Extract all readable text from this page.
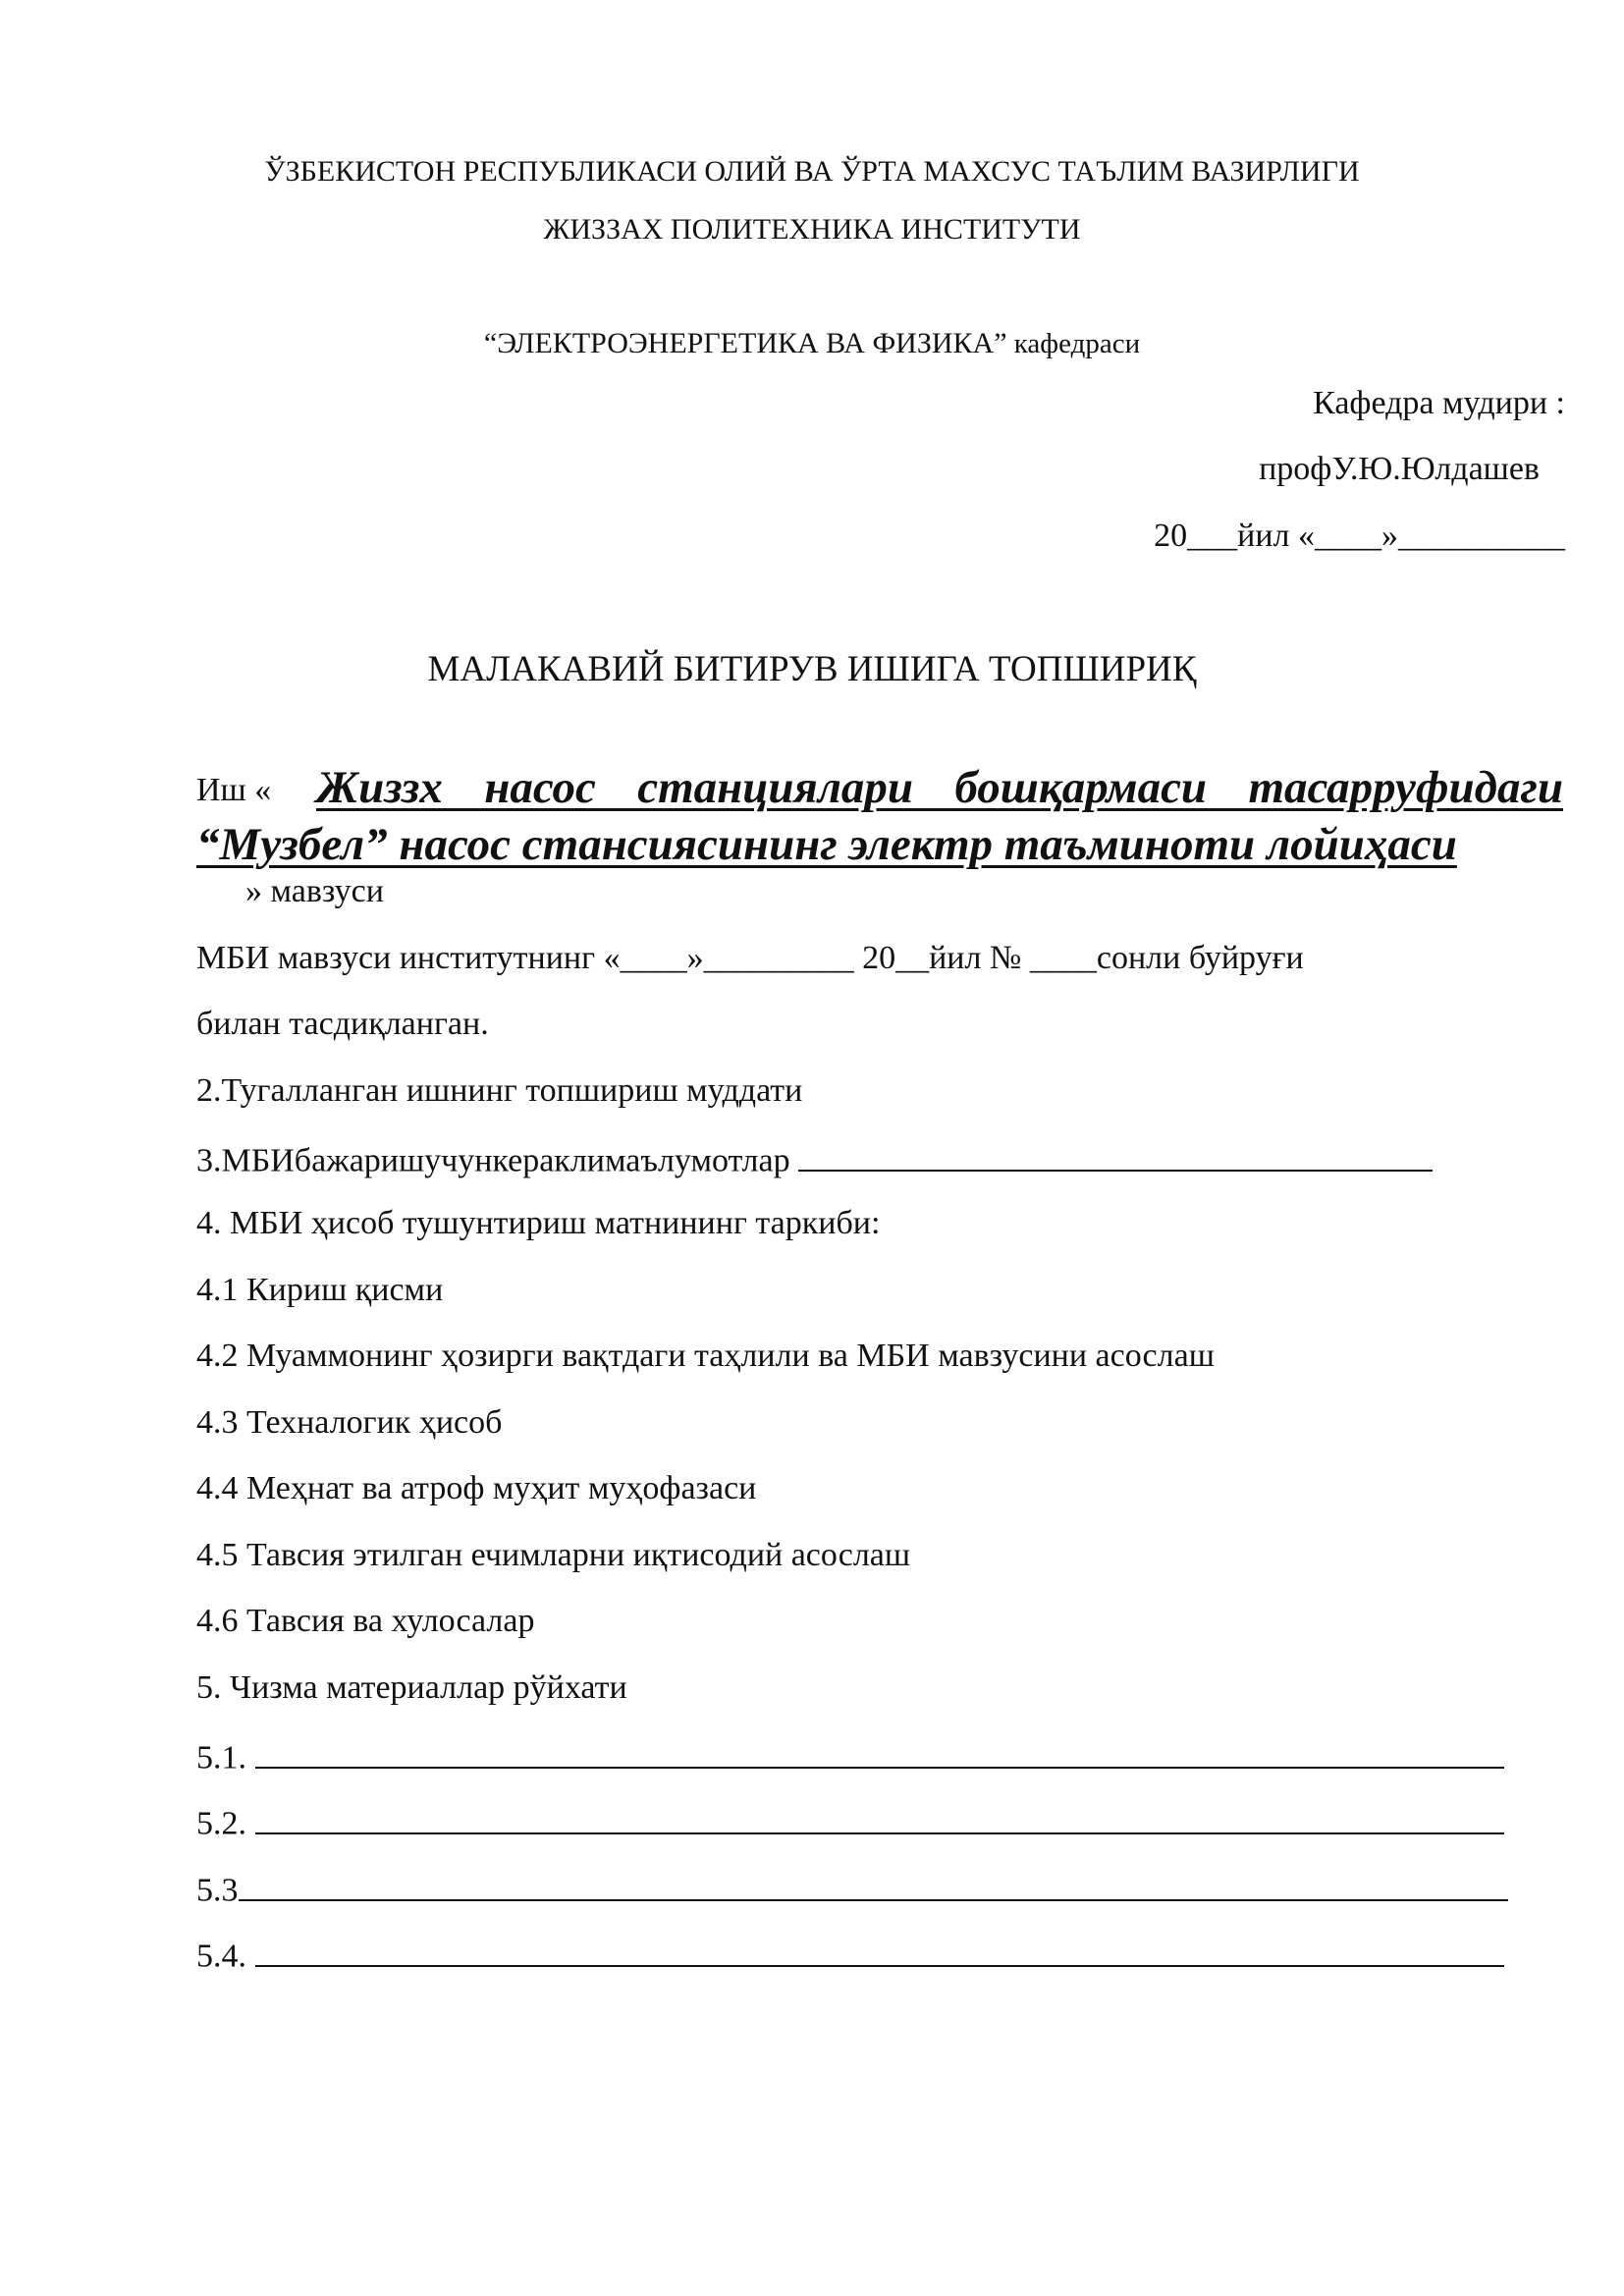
ЎЗБЕКИСТОН РЕСПУБЛИКАСИ ОЛИЙ ВА ЎРТА МАХСУС ТАЪЛИМ ВАЗИРЛИГИ
ЖИЗЗАХ ПОЛИТЕХНИКА ИНСТИТУТИ
“ЭЛЕКТРОЭНЕРГЕТИКА ВА ФИЗИКА” кафедраси
Кафедра мудири :
профУ.Ю.Юлдашев
20___йил «____»__________
МАЛАКАВИЙ БИТИРУВ ИШИГА ТОПШИРИҚ
Иш « Жиззх насос станциялари бошқармаси тасарруфидаги
“Музбел” насос стансиясининг электр таъминоти лойиҳаси
» мавзуси
МБИ мавзуси институтнинг «____»_________ 20__йил № ____сонли буйруғи
билан тасдиқланган.
2.Тугалланган ишнинг топшириш муддати
3.МБИбажаришучункераклимаълумотлар
4. МБИ ҳисоб тушунтириш матнининг таркиби:
4.1 Кириш қисми
4.2 Муаммонинг ҳозирги вақтдаги таҳлили ва МБИ мавзусини асослаш
4.3 Техналогик ҳисоб
4.4 Меҳнат ва атроф муҳит муҳофазаси
4.5 Тавсия этилган ечимларни иқтисодий асослаш
4.6 Тавсия ва хулосалар
5. Чизма материаллар рўйхати
5.1.
5.2.
5.3
5.4.
